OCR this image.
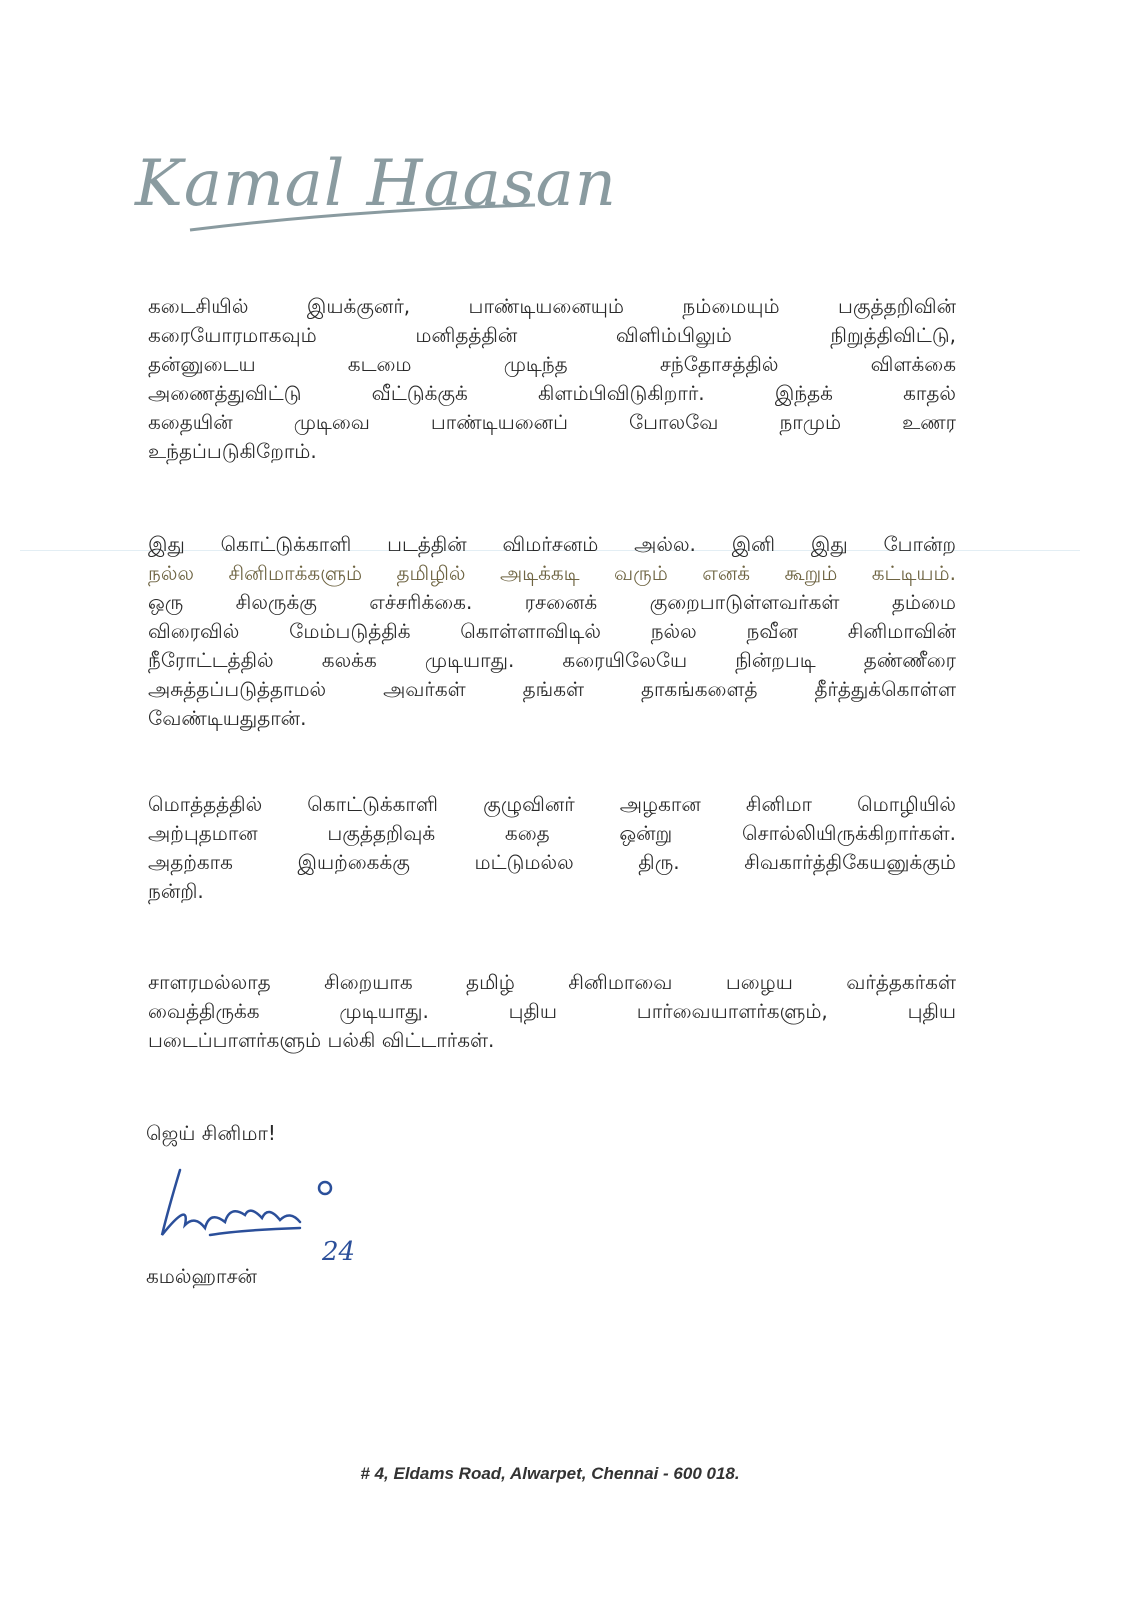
Kamal Haasan
கடைசியில் இயக்குனர், பாண்டியனையும் நம்மையும் பகுத்தறிவின்
கரையோரமாகவும் மனிதத்தின் விளிம்பிலும் நிறுத்திவிட்டு,
தன்னுடைய கடமை முடிந்த சந்தோசத்தில் விளக்கை
அணைத்துவிட்டு வீட்டுக்குக் கிளம்பிவிடுகிறார். இந்தக் காதல்
கதையின் முடிவை பாண்டியனைப் போலவே நாமும் உணர
உந்தப்படுகிறோம்.
இது கொட்டுக்காளி படத்தின் விமர்சனம் அல்ல. இனி இது போன்ற
நல்ல சினிமாக்களும் தமிழில் அடிக்கடி வரும் எனக் கூறும் கட்டியம்.
ஒரு சிலருக்கு எச்சரிக்கை. ரசனைக் குறைபாடுள்ளவர்கள் தம்மை
விரைவில் மேம்படுத்திக் கொள்ளாவிடில் நல்ல நவீன சினிமாவின்
நீரோட்டத்தில் கலக்க முடியாது. கரையிலேயே நின்றபடி தண்ணீரை
அசுத்தப்படுத்தாமல் அவர்கள் தங்கள் தாகங்களைத் தீர்த்துக்கொள்ள
வேண்டியதுதான்.
மொத்தத்தில் கொட்டுக்காளி குழுவினர் அழகான சினிமா மொழியில்
அற்புதமான பகுத்தறிவுக் கதை ஒன்று சொல்லியிருக்கிறார்கள்.
அதற்காக இயற்கைக்கு மட்டுமல்ல திரு. சிவகார்த்திகேயனுக்கும்
நன்றி.
சாளரமல்லாத சிறையாக தமிழ் சினிமாவை பழைய வர்த்தகர்கள்
வைத்திருக்க முடியாது. புதிய பார்வையாளர்களும், புதிய
படைப்பாளர்களும் பல்கி விட்டார்கள்.
ஜெய் சினிமா!
24
கமல்ஹாசன்
# 4, Eldams Road, Alwarpet, Chennai - 600 018.
